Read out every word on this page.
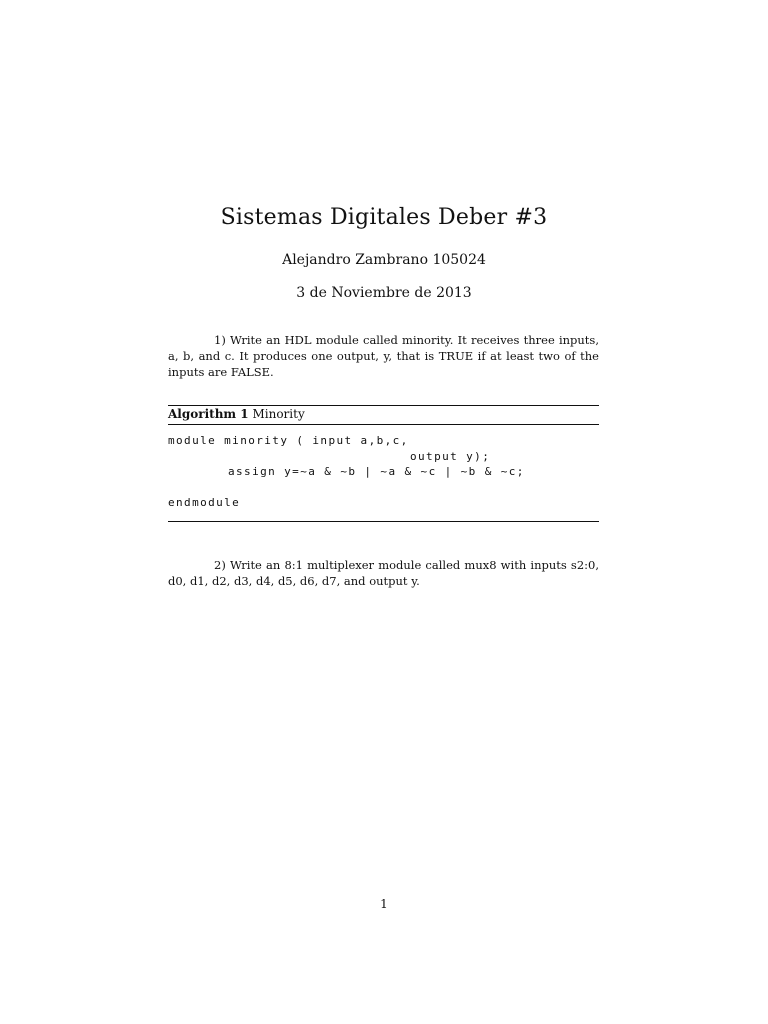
Sistemas Digitales Deber #3
Alejandro Zambrano 105024
3 de Noviembre de 2013
1) Write an HDL module called minority. It receives three inputs, a, b, and c. It produces one output, y, that is TRUE if at least two of the inputs are FALSE.
Algorithm 1 Minority
module minority ( input a,b,c,
output y);
assign y=~a & ~b | ~a & ~c | ~b & ~c;
endmodule
2) Write an 8:1 multiplexer module called mux8 with inputs s2:0, d0, d1, d2, d3, d4, d5, d6, d7, and output y.
1
